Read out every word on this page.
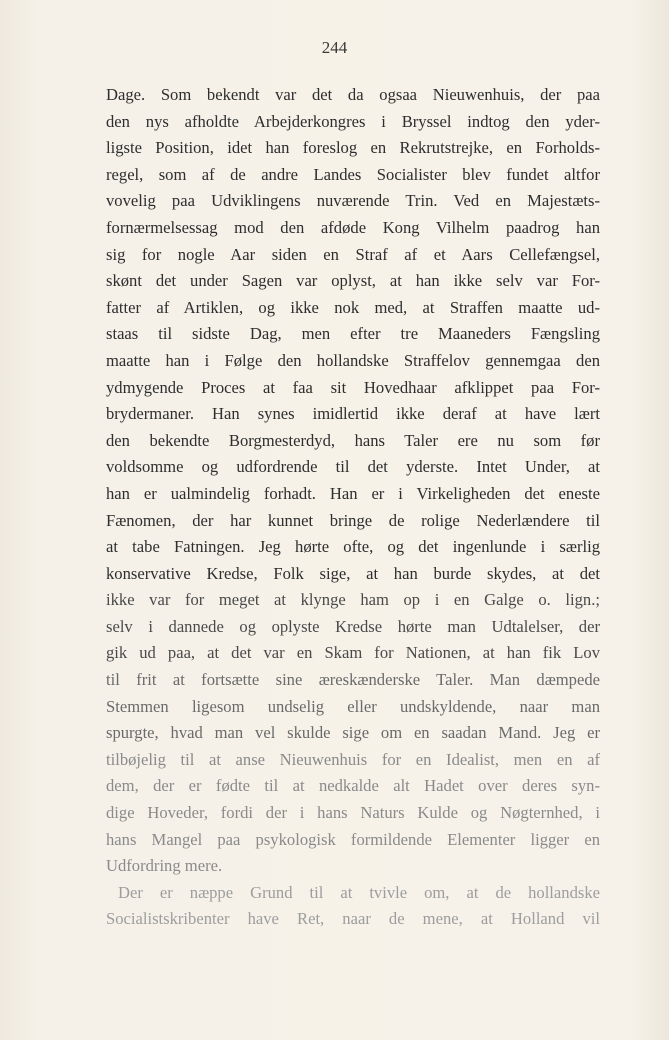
244
Dage. Som bekendt var det da ogsaa Nieuwenhuis, der paa
den nys afholdte Arbejderkongres i Bryssel indtog den yder-
ligste Position, idet han foreslog en Rekrutstrejke, en Forholds-
regel, som af de andre Landes Socialister blev fundet altfor
vovelig paa Udviklingens nuværende Trin. Ved en Majestæts-
fornærmelsessag mod den afdøde Kong Vilhelm paadrog han
sig for nogle Aar siden en Straf af et Aars Cellefængsel,
skønt det under Sagen var oplyst, at han ikke selv var For-
fatter af Artiklen, og ikke nok med, at Straffen maatte ud-
staas til sidste Dag, men efter tre Maaneders Fængsling
maatte han i Følge den hollandske Straffelov gennemgaa den
ydmygende Proces at faa sit Hovedhaar afklippet paa For-
brydermaner. Han synes imidlertid ikke deraf at have lært
den bekendte Borgmesterdyd, hans Taler ere nu som før
voldsomme og udfordrende til det yderste. Intet Under, at
han er ualmindelig forhadt. Han er i Virkeligheden det eneste
Fænomen, der har kunnet bringe de rolige Nederlændere til
at tabe Fatningen. Jeg hørte ofte, og det ingenlunde i særlig
konservative Kredse, Folk sige, at han burde skydes, at det
ikke var for meget at klynge ham op i en Galge o. lign.;
selv i dannede og oplyste Kredse hørte man Udtalelser, der
gik ud paa, at det var en Skam for Nationen, at han fik Lov
til frit at fortsætte sine æreskænderske Taler. Man dæmpede
Stemmen ligesom undselig eller undskyldende, naar man
spurgte, hvad man vel skulde sige om en saadan Mand. Jeg er
tilbøjelig til at anse Nieuwenhuis for en Idealist, men en af
dem, der er fødte til at nedkalde alt Hadet over deres syn-
dige Hoveder, fordi der i hans Naturs Kulde og Nøgternhed, i
hans Mangel paa psykologisk formildende Elementer ligger en
Udfordring mere.
Der er næppe Grund til at tvivle om, at de hollandske
Socialistskribenter have Ret, naar de mene, at Holland vil
